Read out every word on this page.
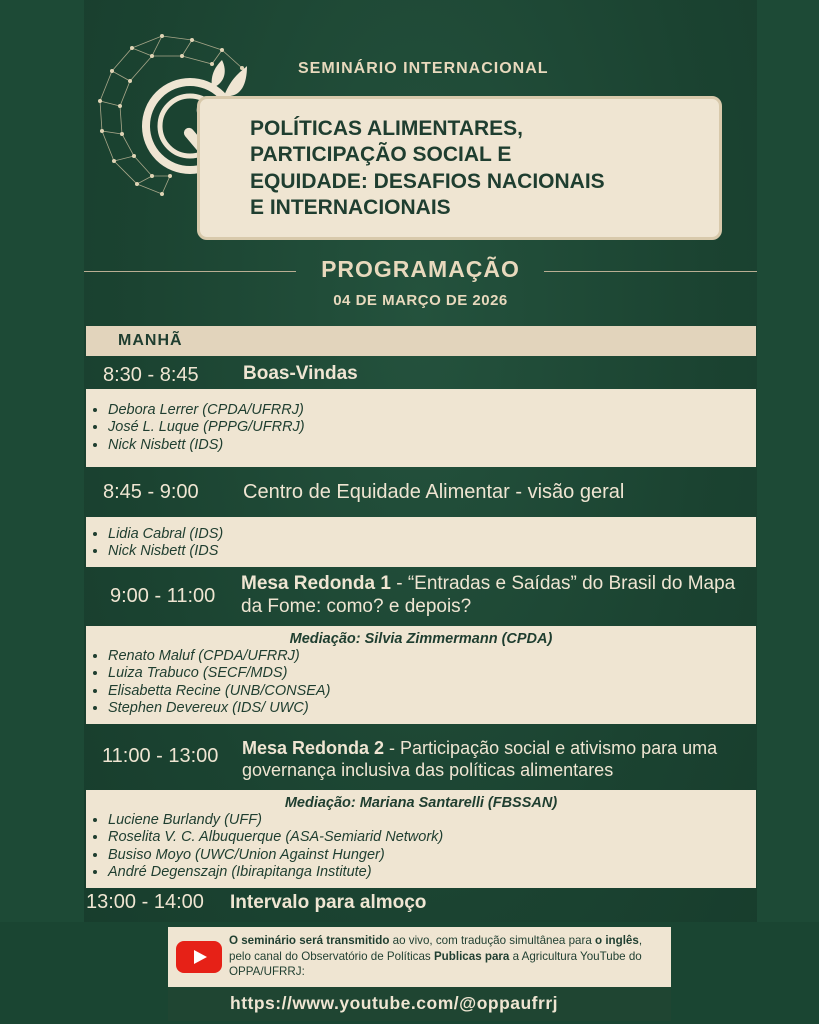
SEMINÁRIO INTERNACIONAL
POLÍTICAS ALIMENTARES,
PARTICIPAÇÃO SOCIAL E
EQUIDADE: DESAFIOS NACIONAIS
E INTERNACIONAIS
PROGRAMAÇÃO
04 DE MARÇO DE 2026
MANHÃ
8:30 - 8:45 Boas-Vindas
• Debora Lerrer (CPDA/UFRRJ)
• José L. Luque (PPPG/UFRRJ)
• Nick Nisbett (IDS)
8:45 - 9:00 Centro de Equidade Alimentar - visão geral
• Lidia Cabral (IDS)
• Nick Nisbett (IDS
9:00 - 11:00
Mesa Redonda 1 - “Entradas e Saídas” do Brasil do Mapa da Fome: como? e depois?
Mediação: Silvia Zimmermann (CPDA)
• Renato Maluf (CPDA/UFRRJ)
• Luiza Trabuco (SECF/MDS)
• Elisabetta Recine (UNB/CONSEA)
• Stephen Devereux (IDS/ UWC)
11:00 - 13:00 Mesa Redonda 2 - Participação social e ativismo para uma governança inclusiva das políticas alimentares
Mediação: Mariana Santarelli (FBSSAN)
• Luciene Burlandy (UFF)
• Roselita V. C. Albuquerque (ASA-Semiarid Network)
• Busiso Moyo (UWC/Union Against Hunger)
• André Degenszajn (Ibirapitanga Institute)
13:00 - 14:00 Intervalo para almoço
O seminário será transmitido ao vivo, com tradução simultânea para o inglês, pelo canal do Observatório de Políticas Publicas para a Agricultura YouTube do OPPA/UFRRJ:
https://www.youtube.com/@oppaufrrj
